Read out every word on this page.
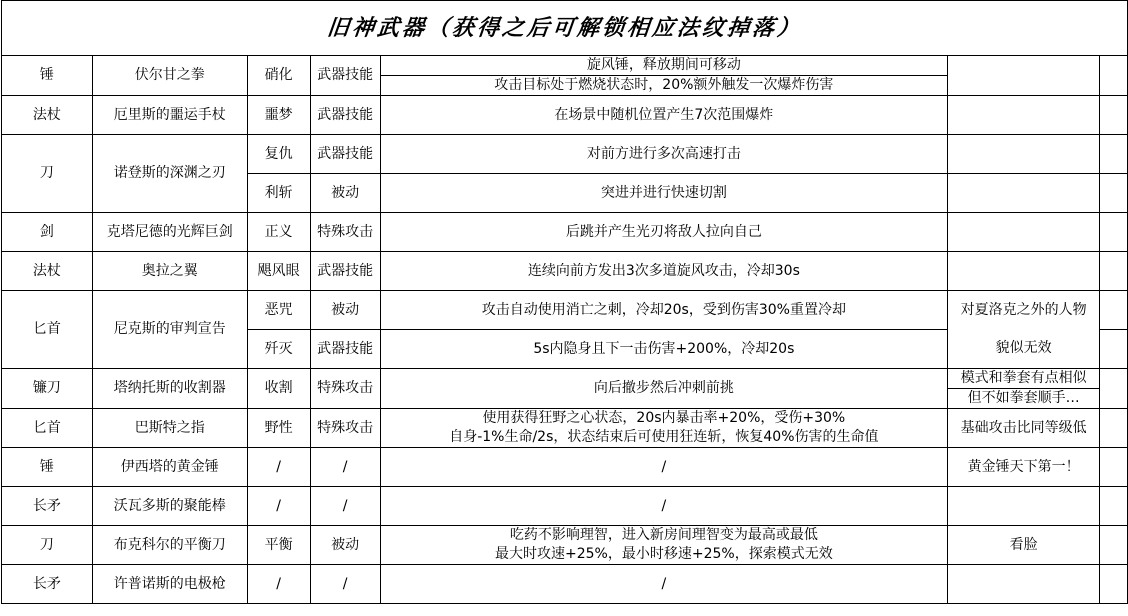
旧神武器（获得之后可解锁相应法纹掉落）						
锤	伏尔甘之拳	硝化	武器技能	旋风锤，释放期间可移动
攻击目标处于燃烧状态时，20%额外触发一次爆炸伤害		

法杖	厄里斯的噩运手杖	噩梦	武器技能	在场景中随机位置产生7次范围爆炸		
刀	诺登斯的深渊之刃	复仇	武器技能	对前方进行多次高速打击		
		利斩	被动	突进并进行快速切割		
剑	克塔尼德的光辉巨剑	正义	特殊攻击	后跳并产生光刃将敌人拉向自己		
法杖	奥拉之翼	飓风眼	武器技能	连续向前方发出3次多道旋风攻击，冷却30s		
匕首	尼克斯的审判宣告	恶咒	被动	攻击自动使用消亡之刺，冷却20s，受到伤害30%重置冷却	对夏洛克之外的人物
貌似无效	

		歼灭	武器技能	5s内隐身且下一击伤害+200%，冷却20s		
镰刀	塔纳托斯的收割器	收割	特殊攻击	向后撤步然后冲刺前挑	模式和拳套有点相似
但不如拳套顺手…	

匕首	巴斯特之指	野性	特殊攻击	使用获得狂野之心状态，20s内暴击率+20%，受伤+30%
自身-1%生命/2s，状态结束后可使用狂连斩，恢复40%伤害的生命值	基础攻击比同等级低	
锤	伊西塔的黄金锤	/	/	/	黄金锤天下第一！	
长矛	沃瓦多斯的聚能棒	/	/	/		
刀	布克科尔的平衡刀	平衡	被动	吃药不影响理智，进入新房间理智变为最高或最低
最大时攻速+25%，最小时移速+25%，探索模式无效	看脸	
长矛	许普诺斯的电极枪	/	/	/		
